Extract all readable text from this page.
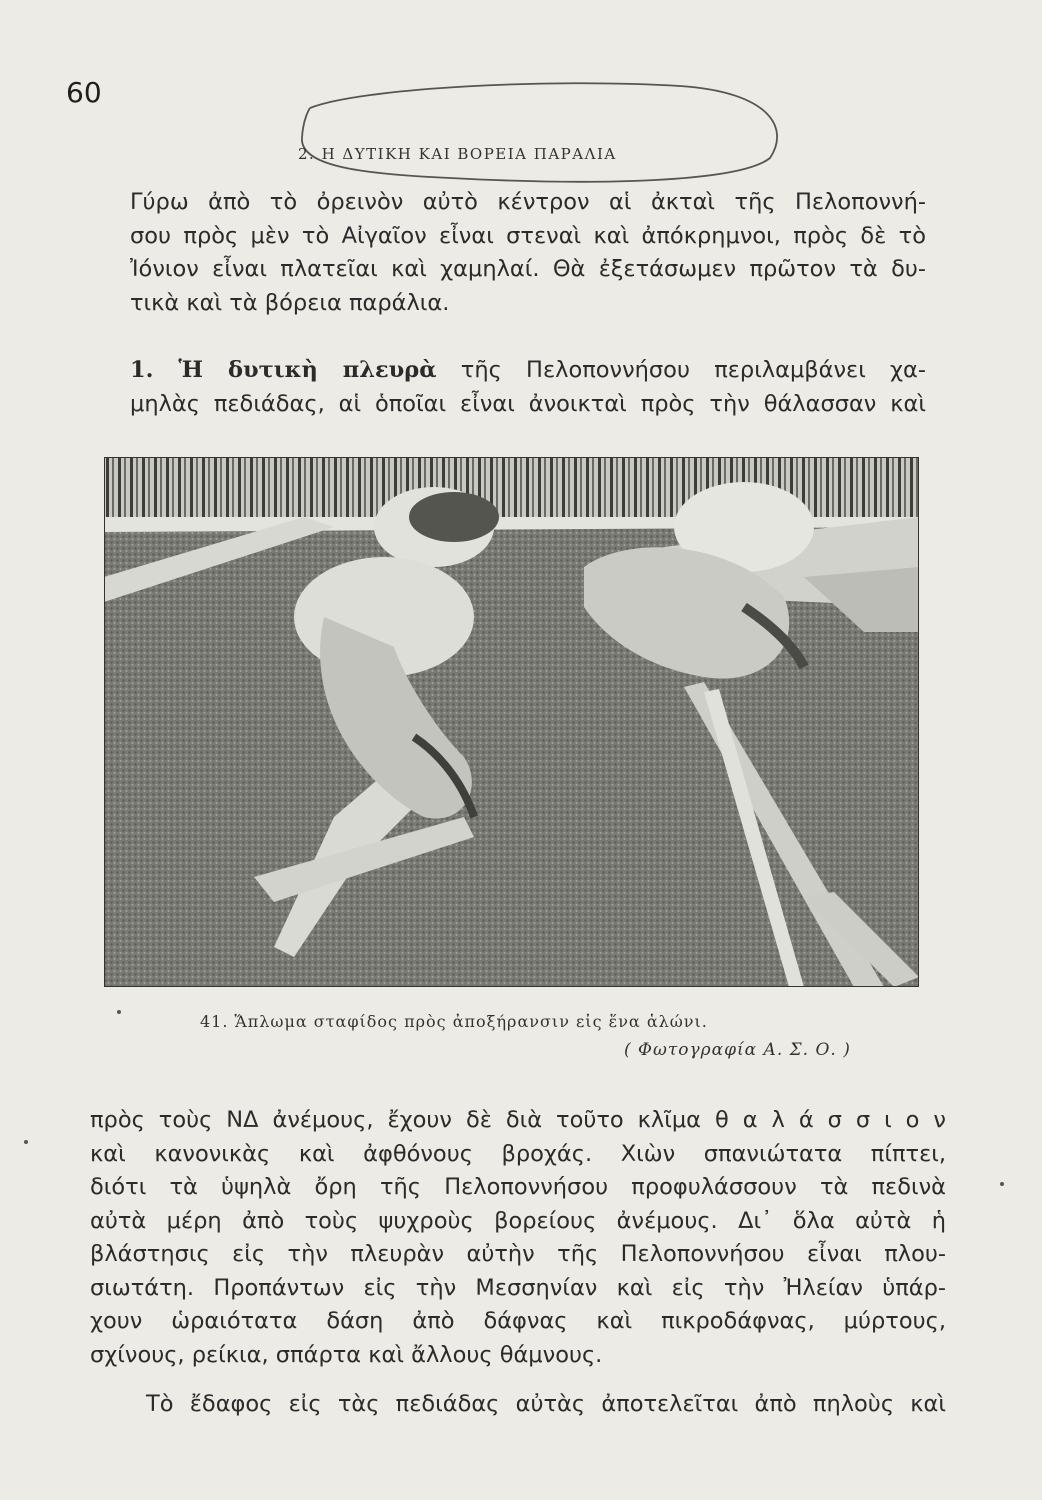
60
2. Η ΔΥΤΙΚΗ ΚΑΙ ΒΟΡΕΙΑ ΠΑΡΑΛΙΑ
Γύρω ἀπὸ τὸ ὀρεινὸν αὐτὸ κέντρον αἱ ἀκταὶ τῆς Πελοποννή-
σου πρὸς μὲν τὸ Αἰγαῖον εἶναι στεναὶ καὶ ἀπόκρημνοι, πρὸς δὲ τὸ
Ἰόνιον εἶναι πλατεῖαι καὶ χαμηλαί. Θὰ ἐξετάσωμεν πρῶτον τὰ δυ-
τικὰ καὶ τὰ βόρεια παράλια.
1. Ἡ δυτικὴ πλευρὰ τῆς Πελοποννήσου περιλαμβάνει χα-
μηλὰς πεδιάδας, αἱ ὁποῖαι εἶναι ἀνοικταὶ πρὸς τὴν θάλασσαν καὶ
41. Ἅπλωμα σταφίδος πρὸς ἀποξήρανσιν εἰς ἕνα ἁλώνι.
( Φωτογραφία Α. Σ. Ο. )
πρὸς τοὺς ΝΔ ἀνέμους, ἔχουν δὲ διὰ τοῦτο κλῖμα θ α λ ά σ σ ι ο ν
καὶ κανονικὰς καὶ ἀφθόνους βροχάς. Χιὼν σπανιώτατα πίπτει,
διότι τὰ ὑψηλὰ ὄρη τῆς Πελοποννήσου προφυλάσσουν τὰ πεδινὰ
αὐτὰ μέρη ἀπὸ τοὺς ψυχροὺς βορείους ἀνέμους. Δι᾽ ὅλα αὐτὰ ἡ
βλάστησις εἰς τὴν πλευρὰν αὐτὴν τῆς Πελοποννήσου εἶναι πλου-
σιωτάτη. Προπάντων εἰς τὴν Μεσσηνίαν καὶ εἰς τὴν Ἠλείαν ὑπάρ-
χουν ὡραιότατα δάση ἀπὸ δάφνας καὶ πικροδάφνας, μύρτους,
σχίνους, ρείκια, σπάρτα καὶ ἄλλους θάμνους.
Τὸ ἔδαφος εἰς τὰς πεδιάδας αὐτὰς ἀποτελεῖται ἀπὸ πηλοὺς καὶ
